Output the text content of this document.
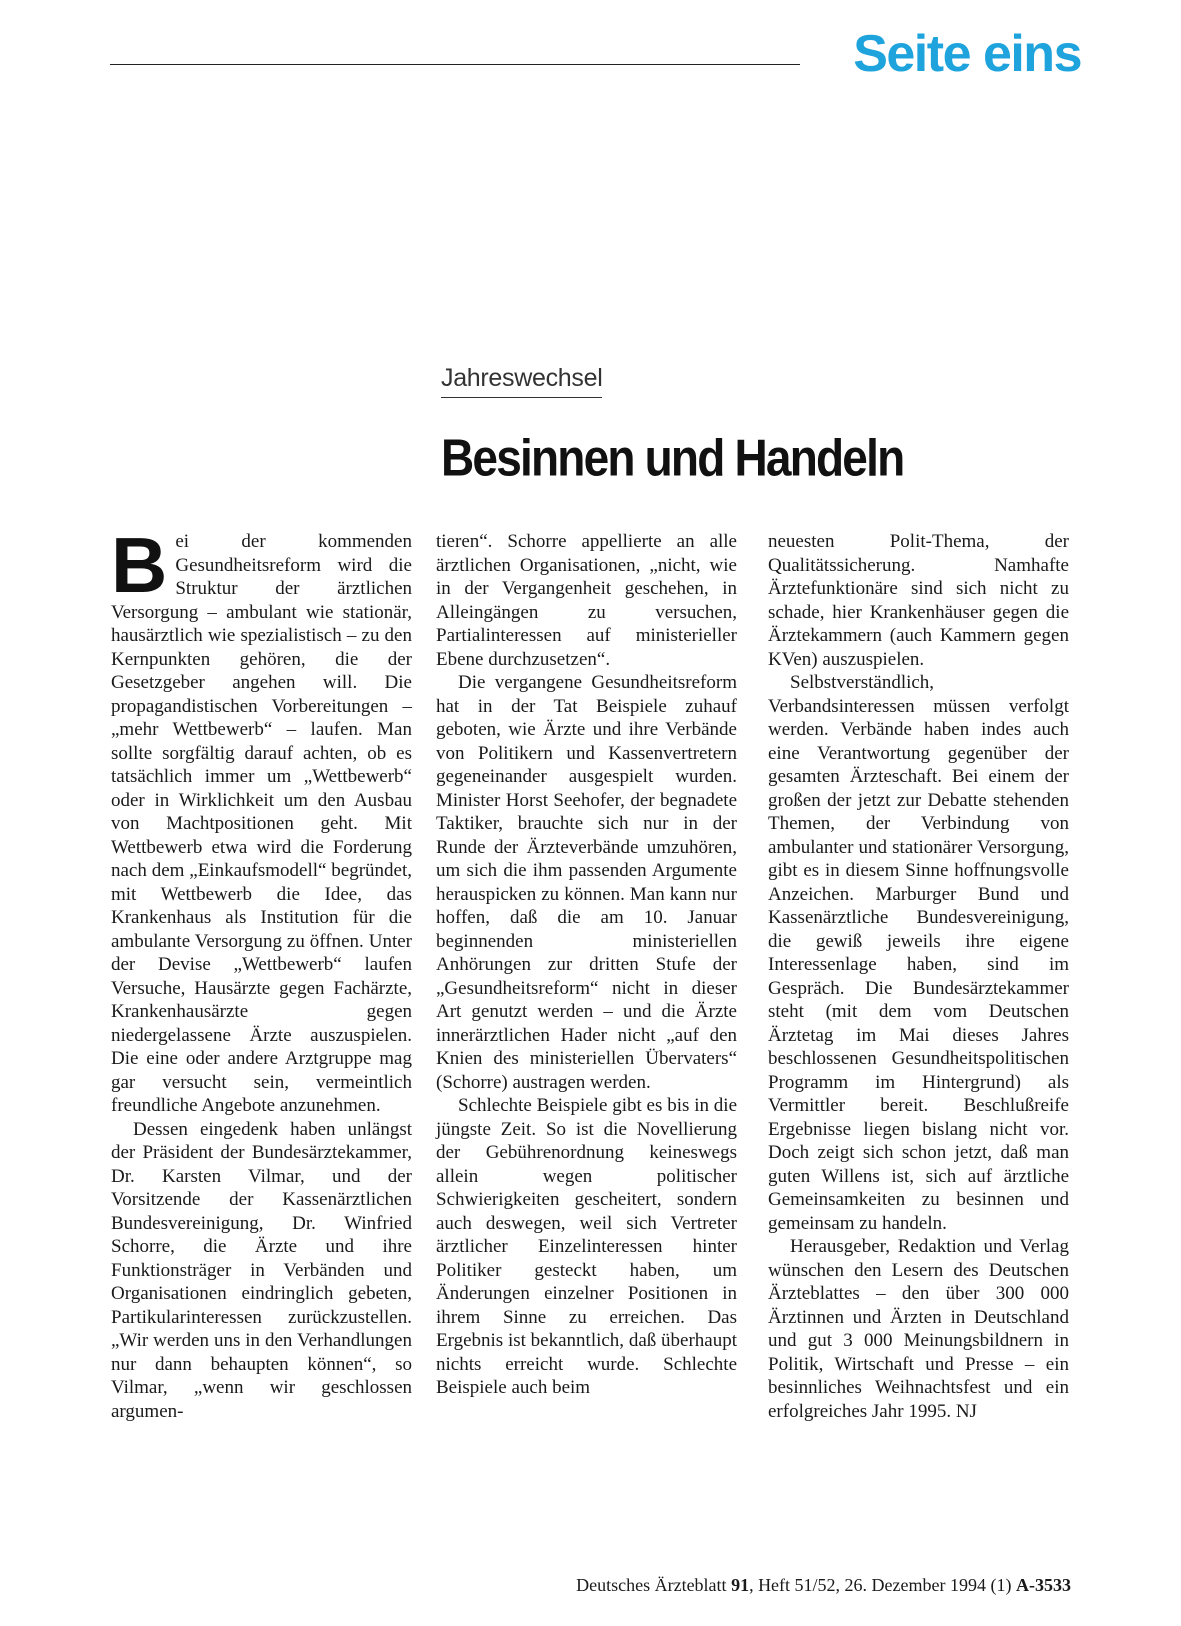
Seite eins
Jahreswechsel
Besinnen und Handeln

Bei der kommenden Gesundheitsreform wird die Struktur der ärztlichen Versorgung – ambulant wie stationär, hausärztlich wie spezialistisch – zu den Kernpunkten gehören, die der Gesetzgeber angehen will. Die propagandistischen Vorbereitungen – „mehr Wettbewerb“ – laufen. Man sollte sorgfältig darauf achten, ob es tatsächlich immer um „Wettbewerb“ oder in Wirklichkeit um den Ausbau von Machtpositionen geht. Mit Wettbewerb etwa wird die Forderung nach dem „Einkaufsmodell“ begründet, mit Wettbewerb die Idee, das Krankenhaus als Institution für die ambulante Versorgung zu öffnen. Unter der Devise „Wettbewerb“ laufen Versuche, Hausärzte gegen Fachärzte, Krankenhausärzte gegen niedergelassene Ärzte auszuspielen. Die eine oder andere Arztgruppe mag gar versucht sein, vermeintlich freundliche Angebote anzunehmen.

Dessen eingedenk haben unlängst der Präsident der Bundesärztekammer, Dr. Karsten Vilmar, und der Vorsitzende der Kassenärztlichen Bundesvereinigung, Dr. Winfried Schorre, die Ärzte und ihre Funktionsträger in Verbänden und Organisationen eindringlich gebeten, Partikularinteressen zurückzustellen. „Wir werden uns in den Verhandlungen nur dann behaupten können“, so Vilmar, „wenn wir geschlossen argumen-

tieren“. Schorre appellierte an alle ärztlichen Organisationen, „nicht, wie in der Vergangenheit geschehen, in Alleingängen zu versuchen, Partialinteressen auf ministerieller Ebene durchzusetzen“.

Die vergangene Gesundheitsreform hat in der Tat Beispiele zuhauf geboten, wie Ärzte und ihre Verbände von Politikern und Kassenvertretern gegeneinander ausgespielt wurden. Minister Horst Seehofer, der begnadete Taktiker, brauchte sich nur in der Runde der Ärzteverbände umzuhören, um sich die ihm passenden Argumente herauspicken zu können. Man kann nur hoffen, daß die am 10. Januar beginnenden ministeriellen Anhörungen zur dritten Stufe der „Gesundheitsreform“ nicht in dieser Art genutzt werden – und die Ärzte innerärztlichen Hader nicht „auf den Knien des ministeriellen Übervaters“ (Schorre) austragen werden.

Schlechte Beispiele gibt es bis in die jüngste Zeit. So ist die Novellierung der Gebührenordnung keineswegs allein wegen politischer Schwierigkeiten gescheitert, sondern auch deswegen, weil sich Vertreter ärztlicher Einzelinteressen hinter Politiker gesteckt haben, um Änderungen einzelner Positionen in ihrem Sinne zu erreichen. Das Ergebnis ist bekanntlich, daß überhaupt nichts erreicht wurde. Schlechte Beispiele auch beim

neuesten Polit-Thema, der Qualitätssicherung. Namhafte Ärztefunktionäre sind sich nicht zu schade, hier Krankenhäuser gegen die Ärztekammern (auch Kammern gegen KVen) auszuspielen.

Selbstverständlich, Verbandsinteressen müssen verfolgt werden. Verbände haben indes auch eine Verantwortung gegenüber der gesamten Ärzteschaft. Bei einem der großen der jetzt zur Debatte stehenden Themen, der Verbindung von ambulanter und stationärer Versorgung, gibt es in diesem Sinne hoffnungsvolle Anzeichen. Marburger Bund und Kassenärztliche Bundesvereinigung, die gewiß jeweils ihre eigene Interessenlage haben, sind im Gespräch. Die Bundesärztekammer steht (mit dem vom Deutschen Ärztetag im Mai dieses Jahres beschlossenen Gesundheitspolitischen Programm im Hintergrund) als Vermittler bereit. Beschlußreife Ergebnisse liegen bislang nicht vor. Doch zeigt sich schon jetzt, daß man guten Willens ist, sich auf ärztliche Gemeinsamkeiten zu besinnen und gemeinsam zu handeln.

Herausgeber, Redaktion und Verlag wünschen den Lesern des Deutschen Ärzteblattes – den über 300 000 Ärztinnen und Ärzten in Deutschland und gut 3 000 Meinungsbildnern in Politik, Wirtschaft und Presse – ein besinnliches Weihnachtsfest und ein erfolgreiches Jahr 1995. NJ

Deutsches Ärzteblatt 91, Heft 51/52, 26. Dezember 1994 (1) A-3533
